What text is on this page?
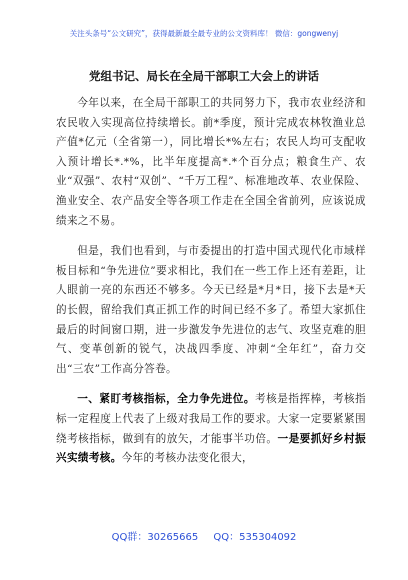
关注头条号“公文研究”，获得最新最全最专业的公文资料库！ 微信：gongwenyj
党组书记、局长在全局干部职工大会上的讲话

今年以来，在全局干部职工的共同努力下，我市农业经济和农民收入实现高位持续增长。前*季度，预计完成农林牧渔业总产值*亿元（全省第一），同比增长*%左右；农民人均可支配收入预计增长*.*%，比半年度提高*.*个百分点；粮食生产、农业“双强”、农村“双创”、“千万工程”、标准地改革、农业保险、渔业安全、农产品安全等各项工作走在全国全省前列，应该说成绩来之不易。

但是，我们也看到，与市委提出的打造中国式现代化市域样板目标和“争先进位”要求相比，我们在一些工作上还有差距，让人眼前一亮的东西还不够多。今天已经是*月*日，接下去是*天的长假，留给我们真正抓工作的时间已经不多了。希望大家抓住最后的时间窗口期，进一步激发争先进位的志气、攻坚克难的胆气、变革创新的锐气，决战四季度、冲刺“全年红”，奋力交出“三农”工作高分答卷。

一、紧盯考核指标，全力争先进位。考核是指挥棒，考核指标一定程度上代表了上级对我局工作的要求。大家一定要紧紧围绕考核指标，做到有的放矢，才能事半功倍。一是要抓好乡村振兴实绩考核。今年的考核办法变化很大，

QQ群：30265665 QQ：535304092
